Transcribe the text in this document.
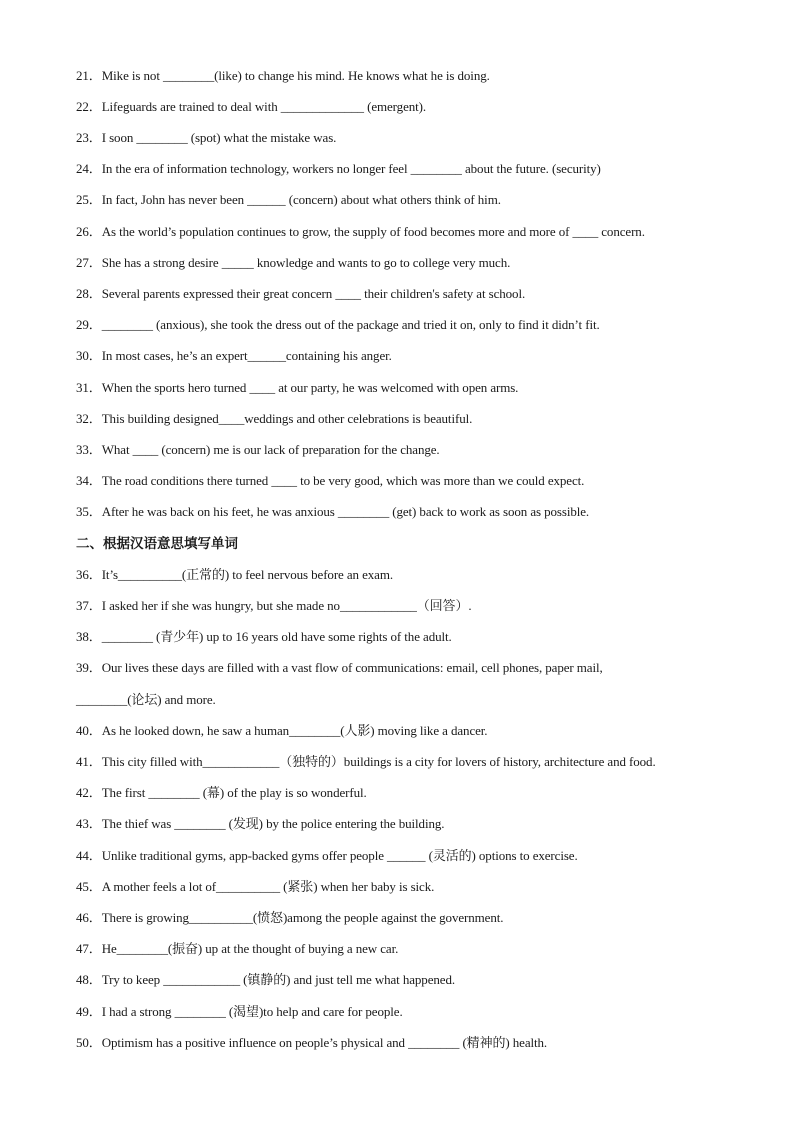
21．Mike is not ________(like) to change his mind. He knows what he is doing.
22．Lifeguards are trained to deal with _____________ (emergent).
23．I soon ________ (spot) what the mistake was.
24．In the era of information technology, workers no longer feel ________ about the future. (security)
25．In fact, John has never been ______ (concern) about what others think of him.
26．As the world’s population continues to grow, the supply of food becomes more and more of ____ concern.
27．She has a strong desire _____ knowledge and wants to go to college very much.
28．Several parents expressed their great concern ____ their children's safety at school.
29．________ (anxious), she took the dress out of the package and tried it on, only to find it didn’t fit.
30．In most cases, he’s an expert______containing his anger.
31．When the sports hero turned ____ at our party, he was welcomed with open arms.
32．This building designed____weddings and other celebrations is beautiful.
33．What ____ (concern) me is our lack of preparation for the change.
34．The road conditions there turned ____ to be very good, which was more than we could expect.
35．After he was back on his feet, he was anxious ________ (get) back to work as soon as possible.
二、根据汉语意思填写单词
36．It’s__________(正常的) to feel nervous before an exam.
37．I asked her if she was hungry, but she made no____________（回答）.
38．________ (青少年) up to 16 years old have some rights of the adult.
39．Our lives these days are filled with a vast flow of communications: email, cell phones, paper mail,
________(论坛) and more.
40．As he looked down, he saw a human________(人影) moving like a dancer.
41．This city filled with____________（独特的）buildings is a city for lovers of history, architecture and food.
42．The first ________ (幕) of the play is so wonderful.
43．The thief was ________ (发现) by the police entering the building.
44．Unlike traditional gyms, app-backed gyms offer people ______ (灵活的) options to exercise.
45．A mother feels a lot of__________ (紧张) when her baby is sick.
46．There is growing__________(愤怒)among the people against the government.
47．He________(振奋) up at the thought of buying a new car.
48．Try to keep ____________ (镇静的) and just tell me what happened.
49．I had a strong ________ (渴望)to help and care for people.
50．Optimism has a positive influence on people’s physical and ________ (精神的) health.
